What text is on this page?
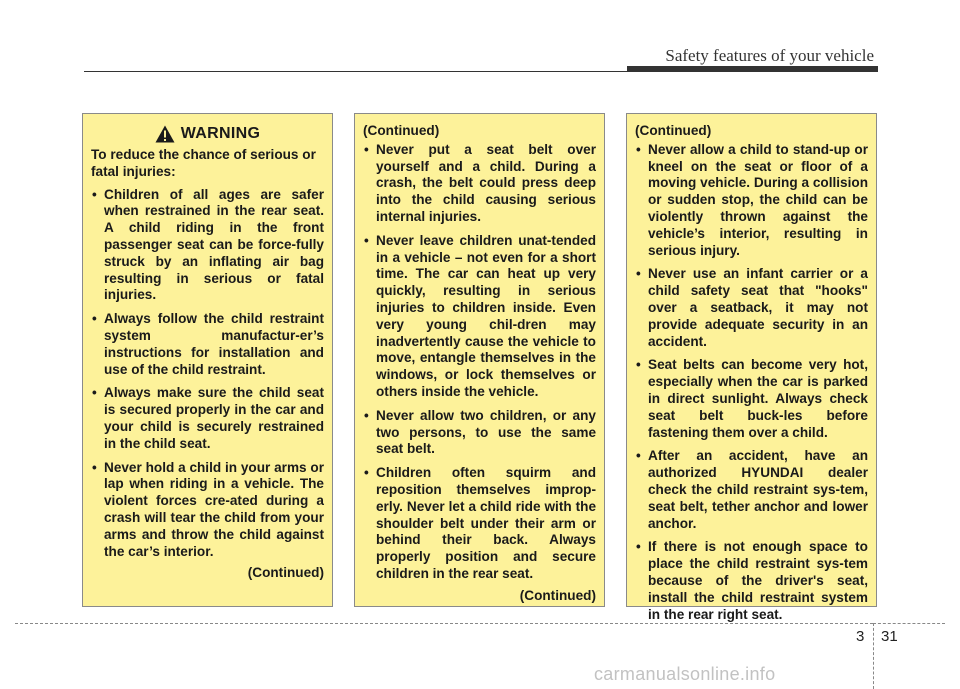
Safety features of your vehicle
WARNING
To reduce the chance of serious or fatal injuries:
• Children of all ages are safer when restrained in the rear seat. A child riding in the front passenger seat can be force-fully struck by an inflating air bag resulting in serious or fatal injuries.
• Always follow the child restraint system manufactur-er’s instructions for installation and use of the child restraint.
• Always make sure the child seat is secured properly in the car and your child is securely restrained in the child seat.
• Never hold a child in your arms or lap when riding in a vehicle. The violent forces cre-ated during a crash will tear the child from your arms and throw the child against the car’s interior.
(Continued)
(Continued)
• Never put a seat belt over yourself and a child. During a crash, the belt could press deep into the child causing serious internal injuries.
• Never leave children unat-tended in a vehicle – not even for a short time. The car can heat up very quickly, resulting in serious injuries to children inside. Even very young chil-dren may inadvertently cause the vehicle to move, entangle themselves in the windows, or lock themselves or others inside the vehicle.
• Never allow two children, or any two persons, to use the same seat belt.
• Children often squirm and reposition themselves improp-erly. Never let a child ride with the shoulder belt under their arm or behind their back. Always properly position and secure children in the rear seat.
(Continued)
(Continued)
• Never allow a child to stand-up or kneel on the seat or floor of a moving vehicle. During a collision or sudden stop, the child can be violently thrown against the vehicle’s interior, resulting in serious injury.
• Never use an infant carrier or a child safety seat that "hooks" over a seatback, it may not provide adequate security in an accident.
• Seat belts can become very hot, especially when the car is parked in direct sunlight. Always check seat belt buck-les before fastening them over a child.
• After an accident, have an authorized HYUNDAI dealer check the child restraint sys-tem, seat belt, tether anchor and lower anchor.
• If there is not enough space to place the child restraint sys-tem because of the driver's seat, install the child restraint system in the rear right seat.
3 31
carmanualsonline.info
